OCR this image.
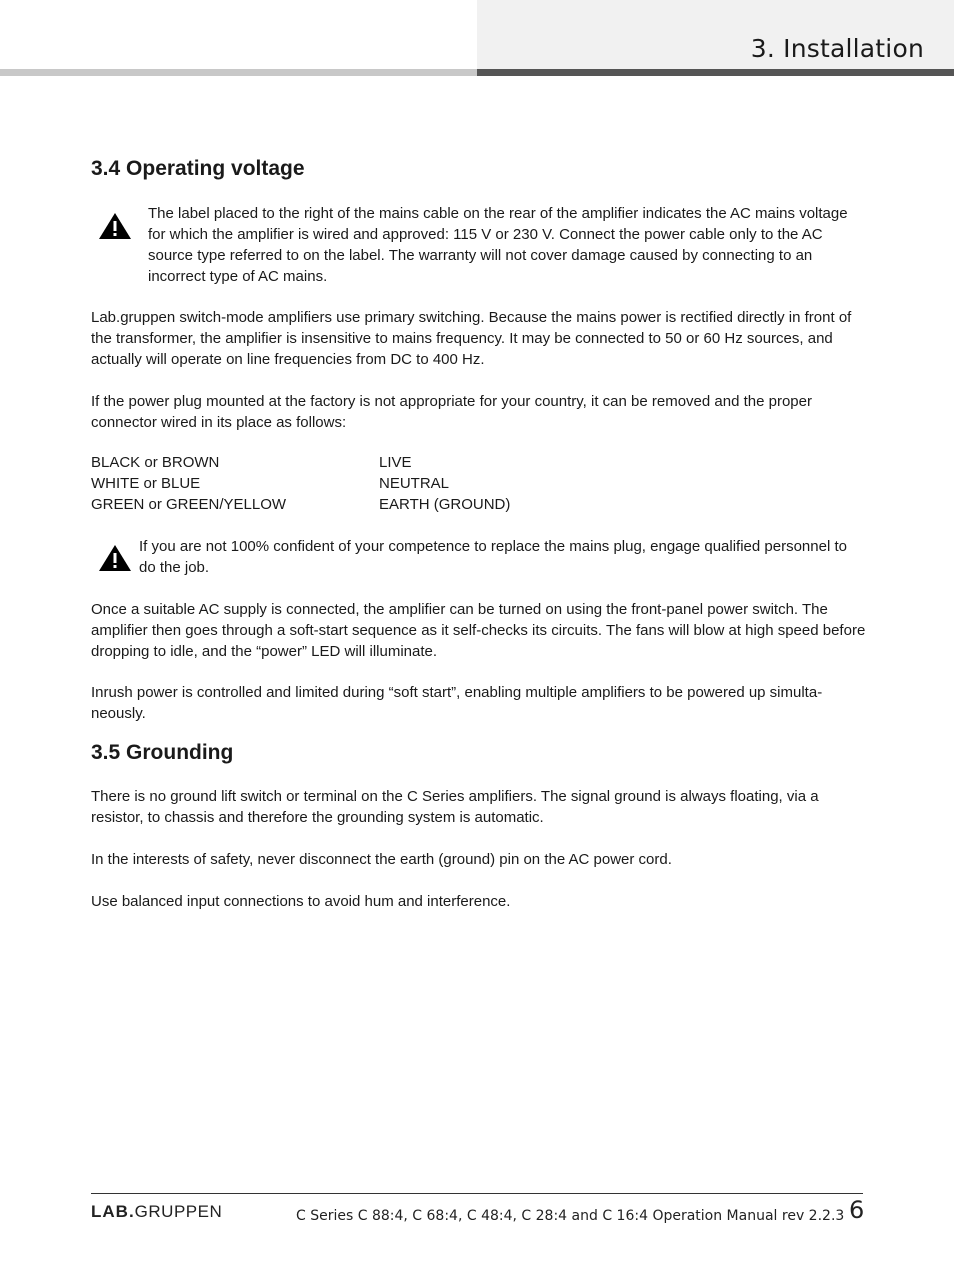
3. Installation
3.4 Operating voltage

The label placed to the right of the mains cable on the rear of the amplifier indicates the AC mains voltage for which the amplifier is wired and approved: 115 V or 230 V. Connect the power cable only to the AC source type referred to on the label. The warranty will not cover damage caused by connecting to an incorrect type of AC mains.

Lab.gruppen switch-mode amplifiers use primary switching. Because the mains power is rectified directly in front of the transformer, the amplifier is insensitive to mains frequency. It may be connected to 50 or 60 Hz sources, and actually will operate on line frequencies from DC to 400 Hz.

If the power plug mounted at the factory is not appropriate for your country, it can be removed and the proper connector wired in its place as follows:

BLACK or BROWN	LIVE
WHITE or BLUE	NEUTRAL
GREEN or GREEN/YELLOW	EARTH (GROUND)

If you are not 100% confident of your competence to replace the mains plug, engage qualified personnel to do the job.

Once a suitable AC supply is connected, the amplifier can be turned on using the front-panel power switch. The amplifier then goes through a soft-start sequence as it self-checks its circuits. The fans will blow at high speed before dropping to idle, and the “power” LED will illuminate.

Inrush power is controlled and limited during “soft start”, enabling multiple amplifiers to be powered up simulta-neously.

3.5 Grounding

There is no ground lift switch or terminal on the C Series amplifiers. The signal ground is always floating, via a resistor, to chassis and therefore the grounding system is automatic.

In the interests of safety, never disconnect the earth (ground) pin on the AC power cord.

Use balanced input connections to avoid hum and interference.

LAB.GRUPPEN	C Series C 88:4, C 68:4, C 48:4, C 28:4 and C 16:4 Operation Manual rev 2.2.3 6
